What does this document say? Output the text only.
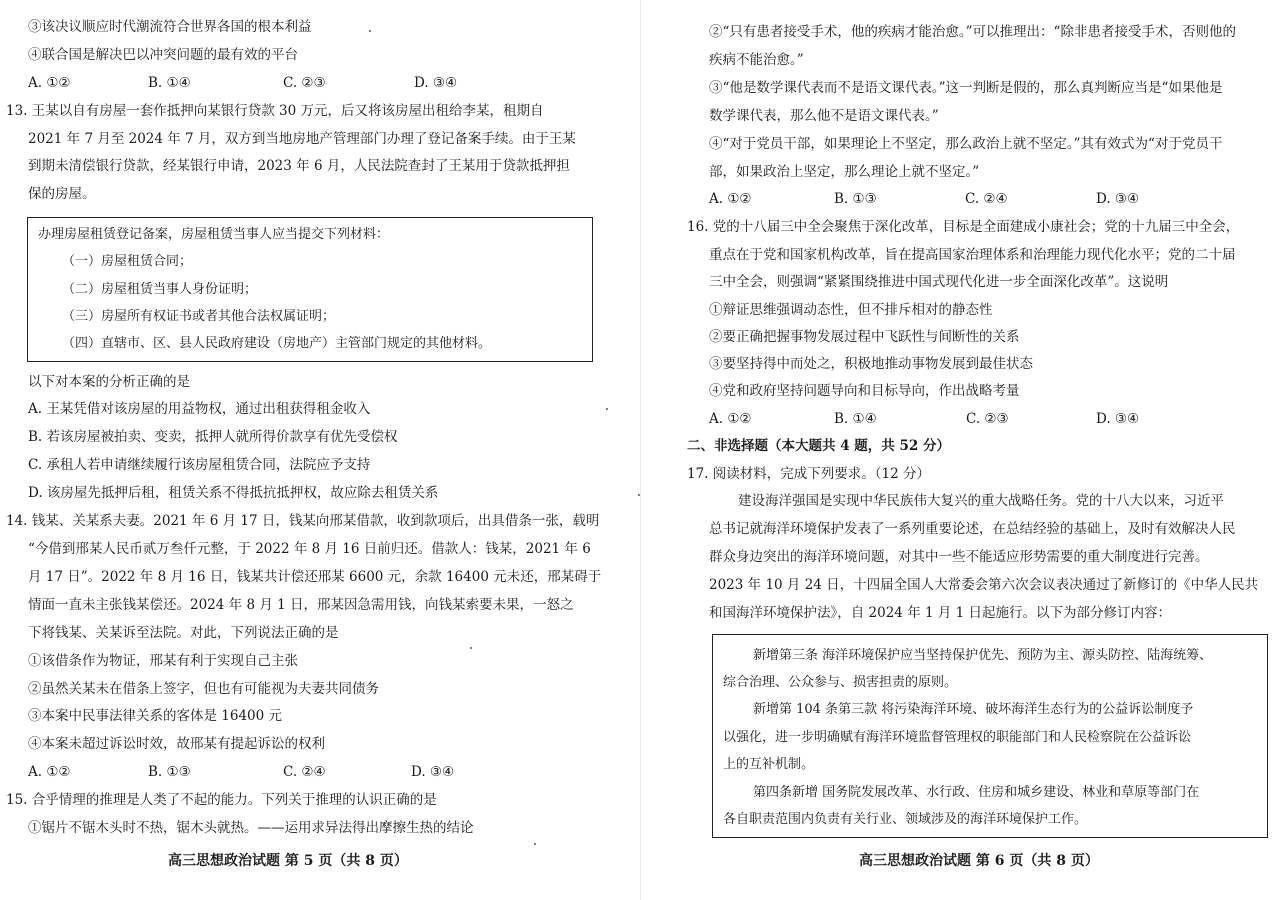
③该决议顺应时代潮流符合世界各国的根本利益
④联合国是解决巴以冲突问题的最有效的平台
A. ①②	B. ①④	C. ②③	D. ③④
13. 王某以自有房屋一套作抵押向某银行贷款 30 万元，后又将该房屋出租给李某，租期自
2021 年 7 月至 2024 年 7 月，双方到当地房地产管理部门办理了登记备案手续。由于王某
到期未清偿银行贷款，经某银行申请，2023 年 6 月，人民法院查封了王某用于贷款抵押担
保的房屋。
办理房屋租赁登记备案，房屋租赁当事人应当提交下列材料：
（一）房屋租赁合同；
（二）房屋租赁当事人身份证明；
（三）房屋所有权证书或者其他合法权属证明；
（四）直辖市、区、县人民政府建设（房地产）主管部门规定的其他材料。
以下对本案的分析正确的是
A. 王某凭借对该房屋的用益物权，通过出租获得租金收入
B. 若该房屋被拍卖、变卖，抵押人就所得价款享有优先受偿权
C. 承租人若申请继续履行该房屋租赁合同，法院应予支持
D. 该房屋先抵押后租，租赁关系不得抵抗抵押权，故应除去租赁关系
14. 钱某、关某系夫妻。2021 年 6 月 17 日，钱某向邢某借款，收到款项后，出具借条一张，载明
“今借到邢某人民币贰万叁仟元整，于 2022 年 8 月 16 日前归还。借款人：钱某，2021 年 6
月 17 日”。2022 年 8 月 16 日，钱某共计偿还邢某 6600 元，余款 16400 元未还，邢某碍于
情面一直未主张钱某偿还。2024 年 8 月 1 日，邢某因急需用钱，向钱某索要未果，一怒之
下将钱某、关某诉至法院。对此，下列说法正确的是
①该借条作为物证，邢某有利于实现自己主张
②虽然关某未在借条上签字，但也有可能视为夫妻共同债务
③本案中民事法律关系的客体是 16400 元
④本案未超过诉讼时效，故邢某有提起诉讼的权利
A. ①②	B. ①③	C. ②④	D. ③④
15. 合乎情理的推理是人类了不起的能力。下列关于推理的认识正确的是
①锯片不锯木头时不热，锯木头就热。——运用求异法得出摩擦生热的结论
高三思想政治试题 第 5 页（共 8 页）
②“只有患者接受手术，他的疾病才能治愈。”可以推理出：“除非患者接受手术，否则他的
疾病不能治愈。”
③“他是数学课代表而不是语文课代表。”这一判断是假的，那么真判断应当是“如果他是
数学课代表，那么他不是语文课代表。”
④“对于党员干部，如果理论上不坚定，那么政治上就不坚定。”其有效式为“对于党员干
部，如果政治上坚定，那么理论上就不坚定。”
A. ①②	B. ①③	C. ②④	D. ③④
16. 党的十八届三中全会聚焦于深化改革，目标是全面建成小康社会；党的十九届三中全会，
重点在于党和国家机构改革，旨在提高国家治理体系和治理能力现代化水平；党的二十届
三中全会，则强调“紧紧围绕推进中国式现代化进一步全面深化改革”。这说明
①辩证思维强调动态性，但不排斥相对的静态性
②要正确把握事物发展过程中飞跃性与间断性的关系
③要坚持得中而处之，积极地推动事物发展到最佳状态
④党和政府坚持问题导向和目标导向，作出战略考量
A. ①②	B. ①④	C. ②③	D. ③④
二、非选择题（本大题共 4 题，共 52 分）
17. 阅读材料，完成下列要求。（12 分）
建设海洋强国是实现中华民族伟大复兴的重大战略任务。党的十八大以来，习近平
总书记就海洋环境保护发表了一系列重要论述，在总结经验的基础上，及时有效解决人民
群众身边突出的海洋环境问题，对其中一些不能适应形势需要的重大制度进行完善。
2023 年 10 月 24 日，十四届全国人大常委会第六次会议表决通过了新修订的《中华人民共
和国海洋环境保护法》，自 2024 年 1 月 1 日起施行。以下为部分修订内容：
新增第三条 海洋环境保护应当坚持保护优先、预防为主、源头防控、陆海统筹、
综合治理、公众参与、损害担责的原则。
新增第 104 条第三款 将污染海洋环境、破坏海洋生态行为的公益诉讼制度予
以强化，进一步明确赋有海洋环境监督管理权的职能部门和人民检察院在公益诉讼
上的互补机制。
第四条新增 国务院发展改革、水行政、住房和城乡建设、林业和草原等部门在
各自职责范围内负责有关行业、领域涉及的海洋环境保护工作。
高三思想政治试题 第 6 页（共 8 页）
